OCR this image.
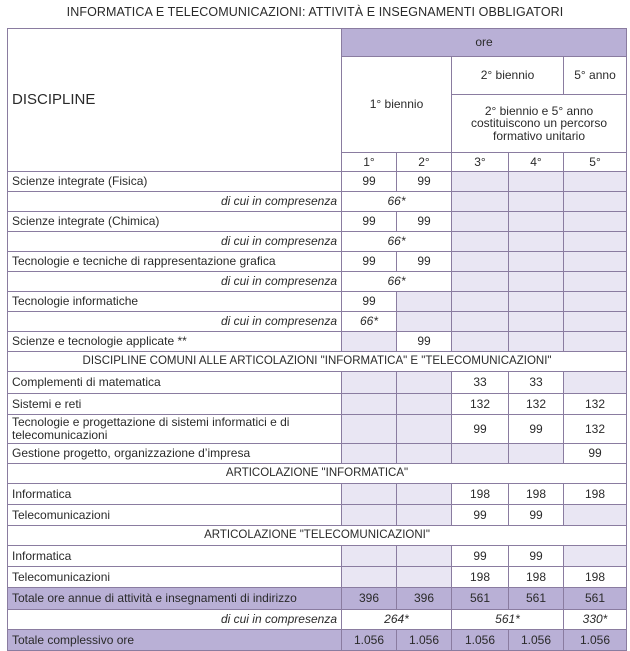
INFORMATICA E TELECOMUNICAZIONI: ATTIVITÀ E INSEGNAMENTI OBBLIGATORI
DISCIPLINE	ore				
	1° biennio		2° biennio		5° anno
			2° biennio e 5° anno costituiscono un percorso formativo unitario		
	1°	2°	3°	4°	5°
Scienze integrate (Fisica)	99	99			
di cui in compresenza	66*				
Scienze integrate (Chimica)	99	99			
di cui in compresenza	66*				
Tecnologie e tecniche di rappresentazione grafica	99	99			
di cui in compresenza	66*				
Tecnologie informatiche	99				
di cui in compresenza	66*				
Scienze e tecnologie applicate **		99			
DISCIPLINE COMUNI ALLE ARTICOLAZIONI "INFORMATICA" E "TELECOMUNICAZIONI"					
Complementi di matematica			33	33	
Sistemi e reti			132	132	132
Tecnologie e progettazione di sistemi informatici e di telecomunicazioni			99	99	132
Gestione progetto, organizzazione d’impresa					99
ARTICOLAZIONE "INFORMATICA"					
Informatica			198	198	198
Telecomunicazioni			99	99	
ARTICOLAZIONE "TELECOMUNICAZIONI"					
Informatica			99	99	
Telecomunicazioni			198	198	198
Totale ore annue di attività e insegnamenti di indirizzo	396	396	561	561	561
di cui in compresenza	264*		561*		330*
Totale complessivo ore	1.056	1.056	1.056	1.056	1.056
